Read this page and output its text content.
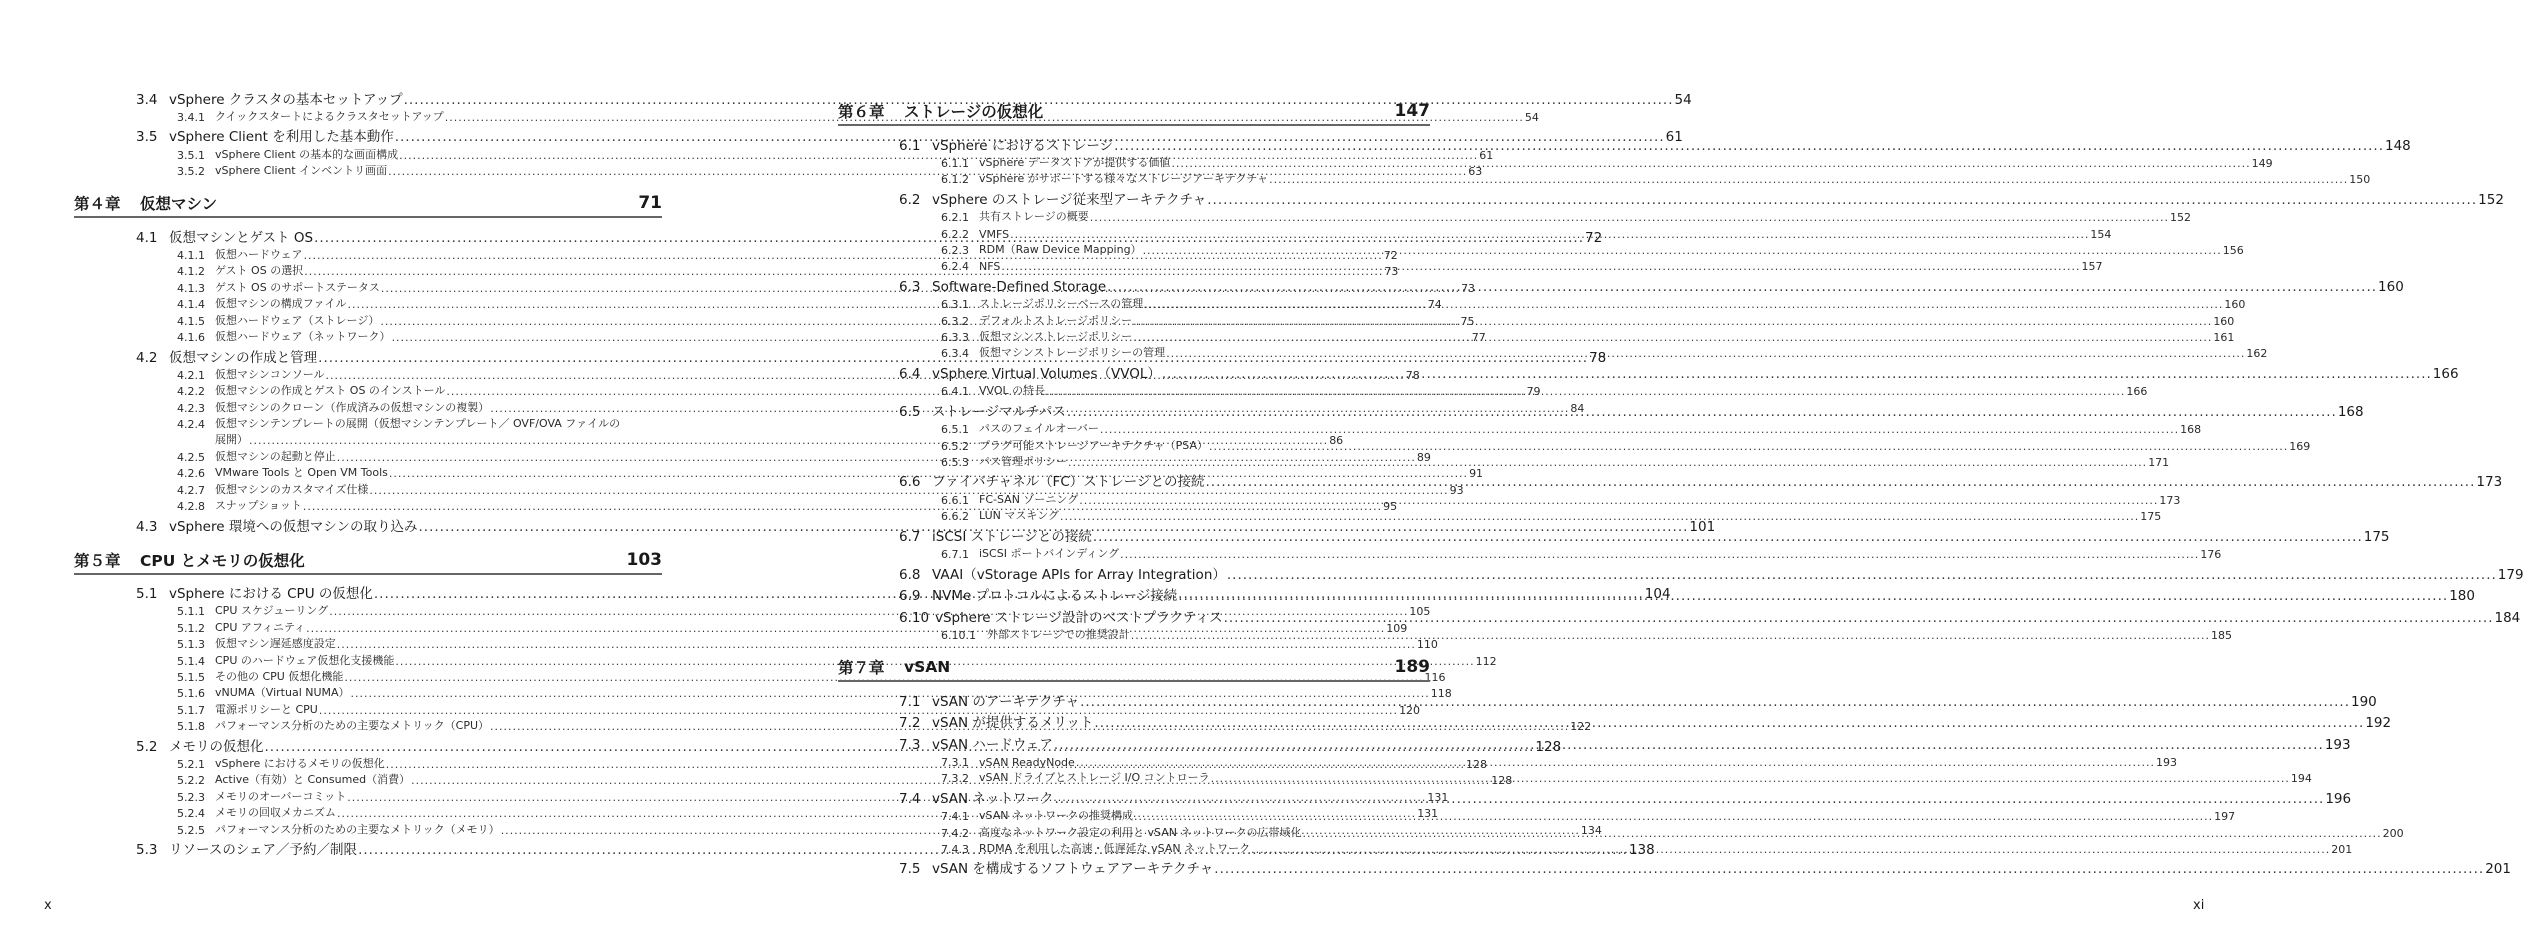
3.4 vSphere クラスタの基本セットアップ .....	54
3.4.1 クイックスタートによるクラスタセットアップ .....	54
3.5 vSphere Client を利用した基本動作 .....	61
3.5.1 vSphere Client の基本的な画面構成 .....	61
3.5.2 vSphere Client インベントリ画面 .....	63
第４章	仮想マシン	71
4.1 仮想マシンとゲスト OS .....	72
4.1.1 仮想ハードウェア .....	72
4.1.2 ゲスト OS の選択 .....	73
4.1.3 ゲスト OS のサポートステータス .....	73
4.1.4 仮想マシンの構成ファイル .....	74
4.1.5 仮想ハードウェア（ストレージ） .....	75
4.1.6 仮想ハードウェア（ネットワーク） .....	77
4.2 仮想マシンの作成と管理 .....	78
4.2.1 仮想マシンコンソール .....	78
4.2.2 仮想マシンの作成とゲスト OS のインストール .....	79
4.2.3 仮想マシンのクローン（作成済みの仮想マシンの複製） .....	84
4.2.4 仮想マシンテンプレートの展開（仮想マシンテンプレート／ OVF/OVA ファイルの
展開） .....	86
4.2.5 仮想マシンの起動と停止 .....	89
4.2.6 VMware Tools と Open VM Tools .....	91
4.2.7 仮想マシンのカスタマイズ仕様 .....	93
4.2.8 スナップショット .....	95
4.3 vSphere 環境への仮想マシンの取り込み .....	101
第５章	CPU とメモリの仮想化	103
5.1 vSphere における CPU の仮想化 .....	104
5.1.1 CPU スケジューリング .....	105
5.1.2 CPU アフィニティ .....	109
5.1.3 仮想マシン遅延感度設定 .....	110
5.1.4 CPU のハードウェア仮想化支援機能 .....	112
5.1.5 その他の CPU 仮想化機能 .....	116
5.1.6 vNUMA（Virtual NUMA） .....	118
5.1.7 電源ポリシーと CPU .....	120
5.1.8 パフォーマンス分析のための主要なメトリック（CPU） .....	122
5.2 メモリの仮想化 .....	128
5.2.1 vSphere におけるメモリの仮想化 .....	128
5.2.2 Active（有効）と Consumed（消費） .....	128
5.2.3 メモリのオーバーコミット .....	131
5.2.4 メモリの回収メカニズム .....	131
5.2.5 パフォーマンス分析のための主要なメトリック（メモリ） .....	134
5.3 リソースのシェア／予約／制限 .....	138
x
第６章	ストレージの仮想化	147
6.1 vSphere におけるストレージ .....	148
6.1.1 vSphere データストアが提供する価値 .....	149
6.1.2 vSphere がサポートする様々なストレージアーキテクチャ .....	150
6.2 vSphere のストレージ従来型アーキテクチャ .....	152
6.2.1 共有ストレージの概要 .....	152
6.2.2 VMFS .....	154
6.2.3 RDM（Raw Device Mapping） .....	156
6.2.4 NFS .....	157
6.3 Software-Defined Storage .....	160
6.3.1 ストレージポリシーベースの管理 .....	160
6.3.2 デフォルトストレージポリシー .....	160
6.3.3 仮想マシンストレージポリシー .....	161
6.3.4 仮想マシンストレージポリシーの管理 .....	162
6.4 vSphere Virtual Volumes（VVOL） .....	166
6.4.1 VVOL の特長 .....	166
6.5 ストレージマルチパス .....	168
6.5.1 パスのフェイルオーバー .....	168
6.5.2 プラグ可能ストレージアーキテクチャ（PSA） .....	169
6.5.3 パス管理ポリシー .....	171
6.6 ファイバチャネル（FC）ストレージとの接続 .....	173
6.6.1 FC-SAN ゾーニング .....	173
6.6.2 LUN マスキング .....	175
6.7 iSCSI ストレージとの接続 .....	175
6.7.1 iSCSI ポートバインディング .....	176
6.8 VAAI（vStorage APIs for Array Integration） .....	179
6.9 NVMe プロトコルによるストレージ接続 .....	180
6.10 vSphere ストレージ設計のベストプラクティス .....	184
6.10.1	外部ストレージでの推奨設計 .....	185
第７章	vSAN	189
7.1 vSAN のアーキテクチャ .....	190
7.2 vSAN が提供するメリット .....	192
7.3 vSAN ハードウェア .....	193
7.3.1 vSAN ReadyNode .....	193
7.3.2 vSAN ドライブとストレージ I/O コントローラ .....	194
7.4 vSAN ネットワーク .....	196
7.4.1 vSAN ネットワークの推奨構成 .....	197
7.4.2 高度なネットワーク設定の利用と vSAN ネットワークの広帯域化 .....	200
7.4.3 RDMA を利用した高速・低遅延な vSAN ネットワーク .....	201
7.5 vSAN を構成するソフトウェアアーキテクチャ .....	201
xi
